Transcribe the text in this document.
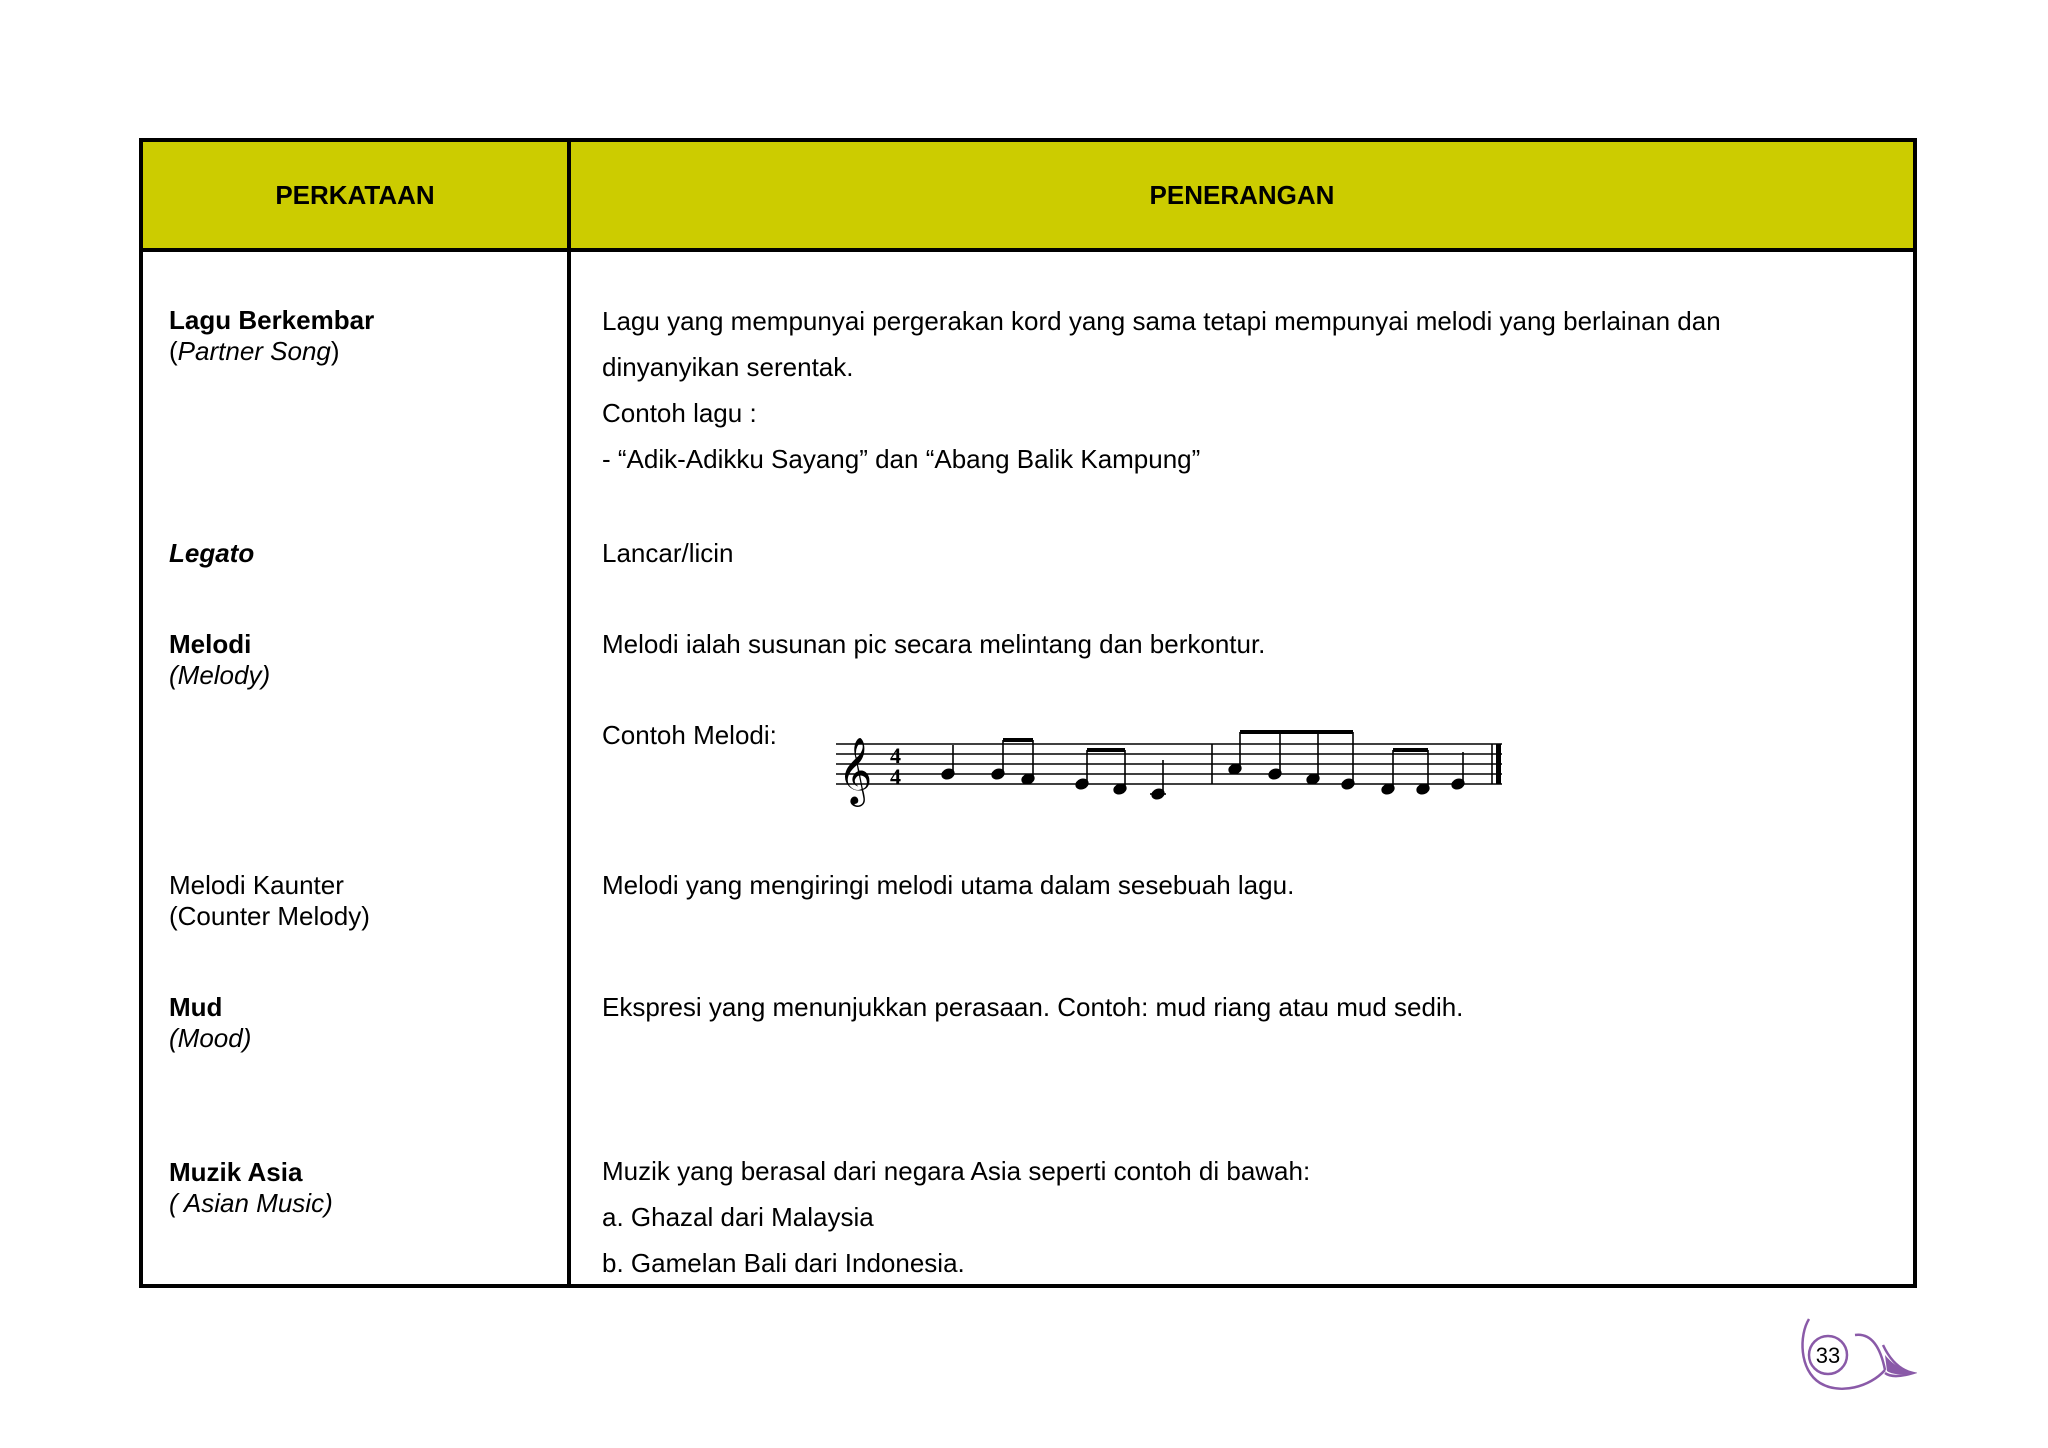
PERKATAAN	PENERANGAN
Lagu Berkembar
(Partner Song)
Lagu yang mempunyai pergerakan kord yang sama tetapi mempunyai melodi yang berlainan dan
dinyanyikan serentak.
Contoh lagu :
- “Adik-Adikku Sayang” dan “Abang Balik Kampung”
Legato	Lancar/licin
Melodi
(Melody)
Melodi ialah susunan pic secara melintang dan berkontur.
Contoh Melodi:
𝄞 4
4
Melodi Kaunter
(Counter Melody)
Melodi yang mengiringi melodi utama dalam sesebuah lagu.
Mud
(Mood)
Ekspresi yang menunjukkan perasaan. Contoh: mud riang atau mud sedih.
Muzik Asia
( Asian Music)
Muzik yang berasal dari negara Asia seperti contoh di bawah:
a. Ghazal dari Malaysia
b. Gamelan Bali dari Indonesia.
33
